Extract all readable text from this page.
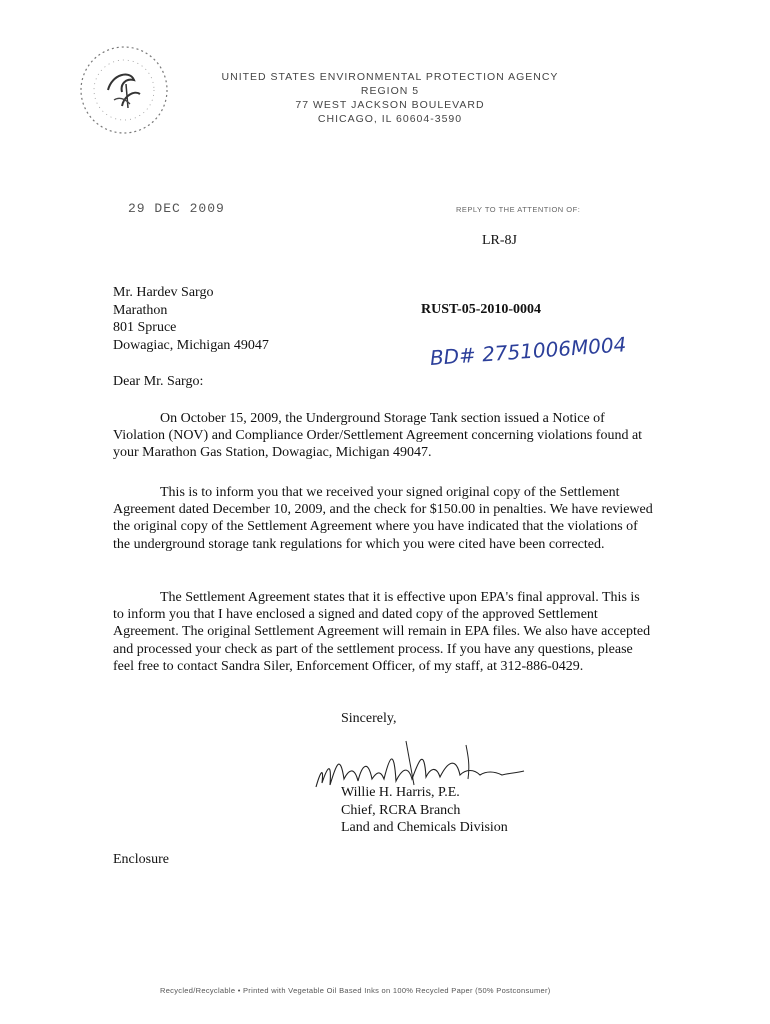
UNITED STATES ENVIRONMENTAL PROTECTION AGENCY
REGION 5
77 WEST JACKSON BOULEVARD
CHICAGO, IL 60604-3590
29 DEC 2009	REPLY TO THE ATTENTION OF:
LR-8J
Mr. Hardev Sargo
Marathon
801 Spruce
Dowagiac, Michigan 49047
RUST-05-2010-0004
BD# 2751006M004
Dear Mr. Sargo:
On October 15, 2009, the Underground Storage Tank section issued a Notice of Violation (NOV) and Compliance Order/Settlement Agreement concerning violations found at your Marathon Gas Station, Dowagiac, Michigan 49047.
This is to inform you that we received your signed original copy of the Settlement Agreement dated December 10, 2009, and the check for $150.00 in penalties. We have reviewed the original copy of the Settlement Agreement where you have indicated that the violations of the underground storage tank regulations for which you were cited have been corrected.
The Settlement Agreement states that it is effective upon EPA's final approval. This is to inform you that I have enclosed a signed and dated copy of the approved Settlement Agreement. The original Settlement Agreement will remain in EPA files. We also have accepted and processed your check as part of the settlement process. If you have any questions, please feel free to contact Sandra Siler, Enforcement Officer, of my staff, at 312-886-0429.
Sincerely,
Willie H. Harris, P.E.
Chief, RCRA Branch
Land and Chemicals Division
Enclosure
Recycled/Recyclable • Printed with Vegetable Oil Based Inks on 100% Recycled Paper (50% Postconsumer)
